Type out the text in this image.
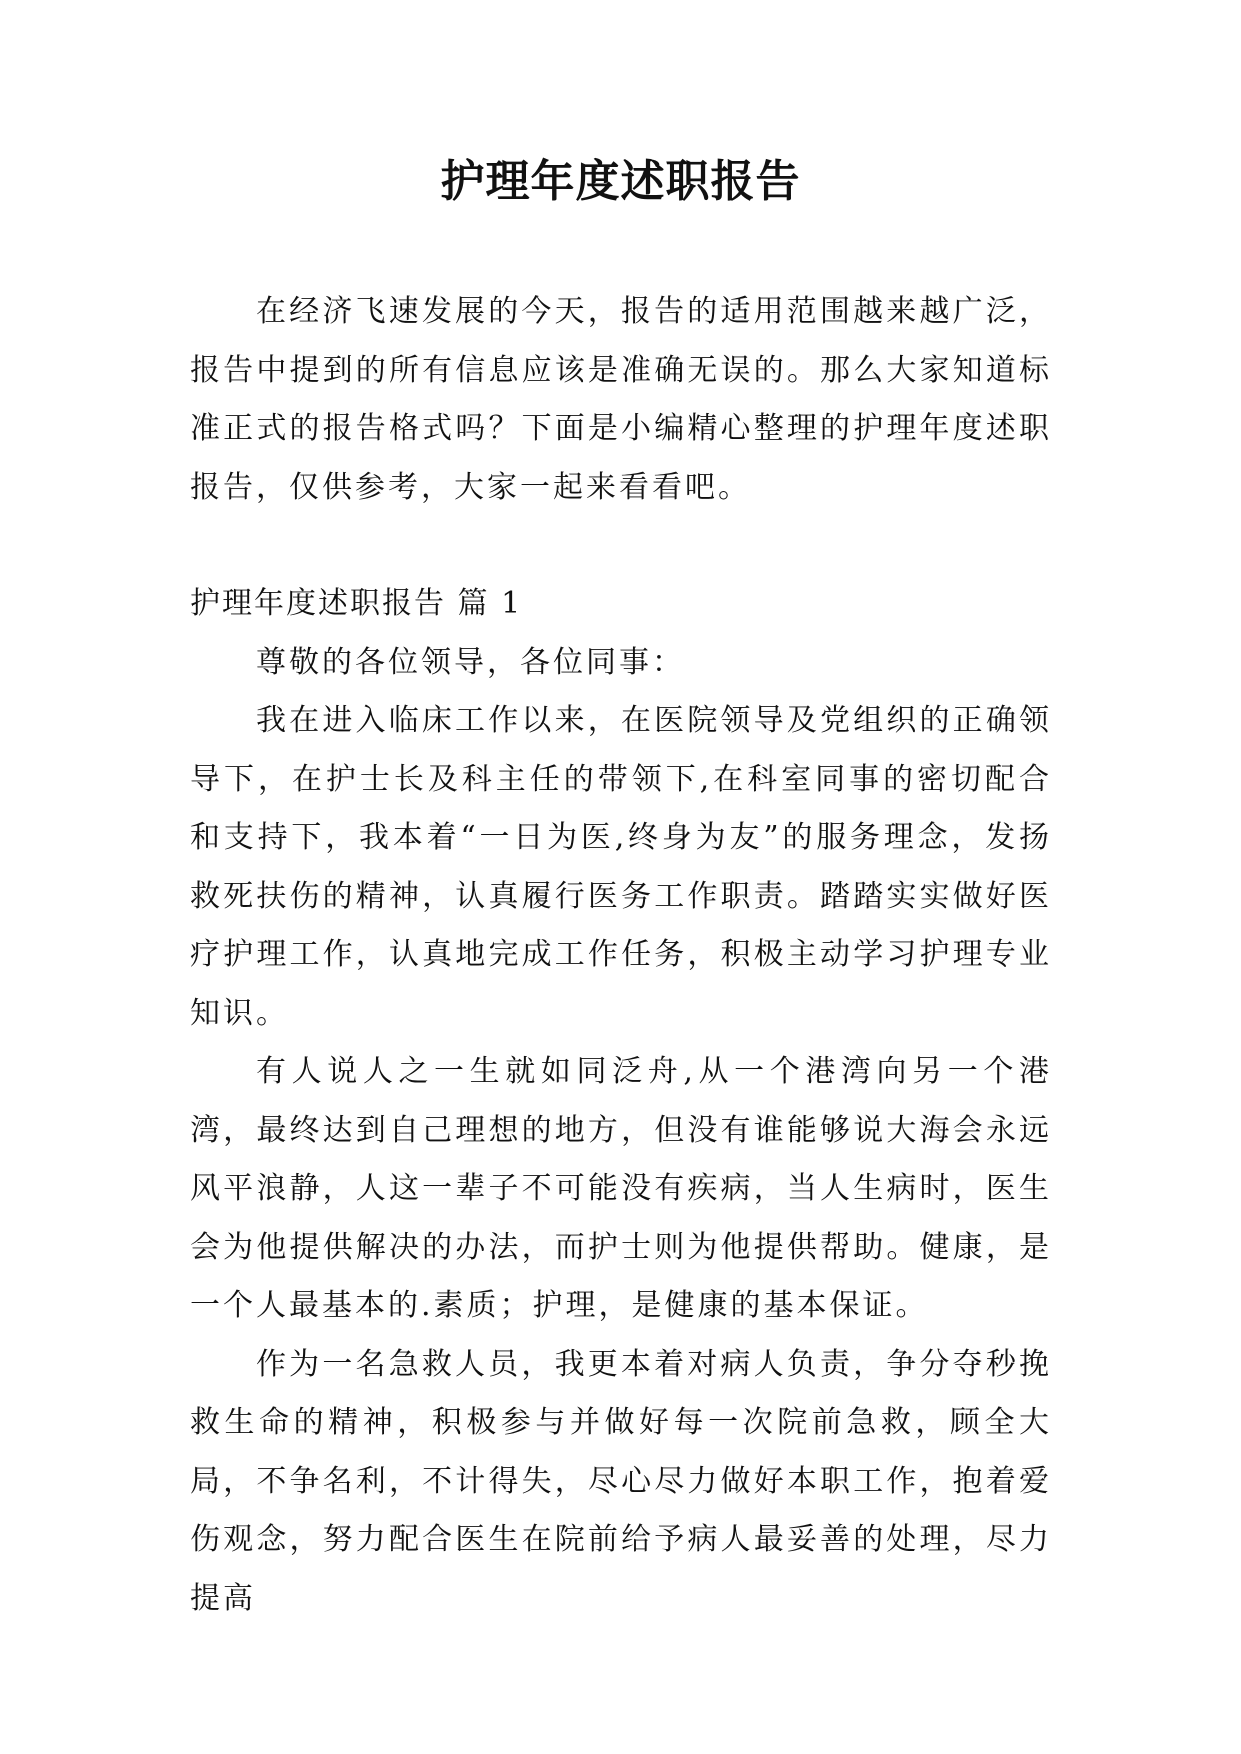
护理年度述职报告

在经济飞速发展的今天，报告的适用范围越来越广泛，报告中提到的所有信息应该是准确无误的。那么大家知道标准正式的报告格式吗？下面是小编精心整理的护理年度述职报告，仅供参考，大家一起来看看吧。

护理年度述职报告 篇 1

尊敬的各位领导，各位同事：

我在进入临床工作以来，在医院领导及党组织的正确领导下，在护士长及科主任的带领下,在科室同事的密切配合和支持下，我本着“一日为医,终身为友”的服务理念，发扬救死扶伤的精神，认真履行医务工作职责。踏踏实实做好医疗护理工作，认真地完成工作任务，积极主动学习护理专业知识。

有人说人之一生就如同泛舟,从一个港湾向另一个港湾，最终达到自己理想的地方，但没有谁能够说大海会永远风平浪静，人这一辈子不可能没有疾病，当人生病时，医生会为他提供解决的办法，而护士则为他提供帮助。健康，是一个人最基本的.素质；护理，是健康的基本保证。

作为一名急救人员，我更本着对病人负责，争分夺秒挽救生命的精神，积极参与并做好每一次院前急救，顾全大局，不争名利，不计得失，尽心尽力做好本职工作，抱着爱伤观念，努力配合医生在院前给予病人最妥善的处理，尽力提高
